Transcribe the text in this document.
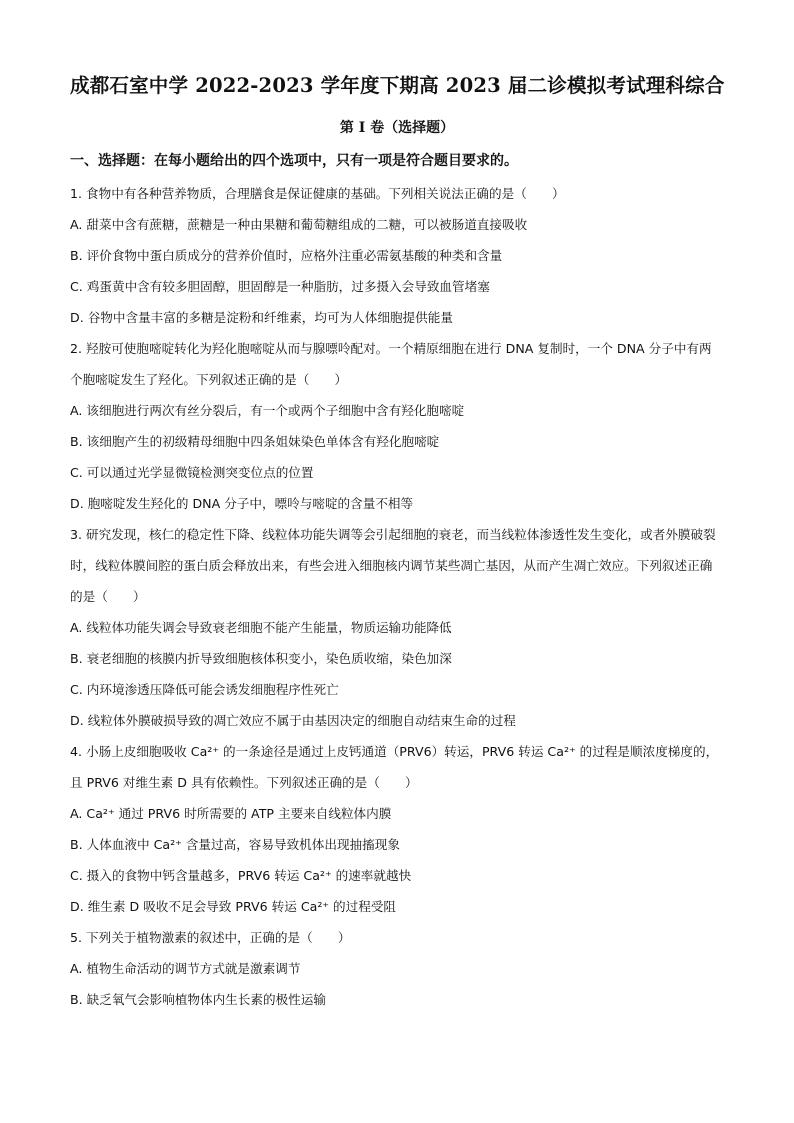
成都石室中学 2022-2023 学年度下期高 2023 届二诊模拟考试理科综合
第 I 卷（选择题）
一、选择题：在每小题给出的四个选项中，只有一项是符合题目要求的。
1. 食物中有各种营养物质，合理膳食是保证健康的基础。下列相关说法正确的是（　　）
A. 甜菜中含有蔗糖，蔗糖是一种由果糖和葡萄糖组成的二糖，可以被肠道直接吸收
B. 评价食物中蛋白质成分的营养价值时，应格外注重必需氨基酸的种类和含量
C. 鸡蛋黄中含有较多胆固醇，胆固醇是一种脂肪，过多摄入会导致血管堵塞
D. 谷物中含量丰富的多糖是淀粉和纤维素，均可为人体细胞提供能量
2. 羟胺可使胞嘧啶转化为羟化胞嘧啶从而与腺嘌呤配对。一个精原细胞在进行 DNA 复制时，一个 DNA 分子中有两个胞嘧啶发生了羟化。下列叙述正确的是（　　）
A. 该细胞进行两次有丝分裂后，有一个或两个子细胞中含有羟化胞嘧啶
B. 该细胞产生的初级精母细胞中四条姐妹染色单体含有羟化胞嘧啶
C. 可以通过光学显微镜检测突变位点的位置
D. 胞嘧啶发生羟化的 DNA 分子中，嘌呤与嘧啶的含量不相等
3. 研究发现，核仁的稳定性下降、线粒体功能失调等会引起细胞的衰老，而当线粒体渗透性发生变化，或者外膜破裂时，线粒体膜间腔的蛋白质会释放出来，有些会进入细胞核内调节某些凋亡基因，从而产生凋亡效应。下列叙述正确的是（　　）
A. 线粒体功能失调会导致衰老细胞不能产生能量，物质运输功能降低
B. 衰老细胞的核膜内折导致细胞核体积变小，染色质收缩，染色加深
C. 内环境渗透压降低可能会诱发细胞程序性死亡
D. 线粒体外膜破损导致的凋亡效应不属于由基因决定的细胞自动结束生命的过程
4. 小肠上皮细胞吸收 Ca²⁺ 的一条途径是通过上皮钙通道（PRV6）转运，PRV6 转运 Ca²⁺ 的过程是顺浓度梯度的，且 PRV6 对维生素 D 具有依赖性。下列叙述正确的是（　　）
A. Ca²⁺ 通过 PRV6 时所需要的 ATP 主要来自线粒体内膜
B. 人体血液中 Ca²⁺ 含量过高，容易导致机体出现抽搐现象
C. 摄入的食物中钙含量越多，PRV6 转运 Ca²⁺ 的速率就越快
D. 维生素 D 吸收不足会导致 PRV6 转运 Ca²⁺ 的过程受阻
5. 下列关于植物激素的叙述中，正确的是（　　）
A. 植物生命活动的调节方式就是激素调节
B. 缺乏氧气会影响植物体内生长素的极性运输
